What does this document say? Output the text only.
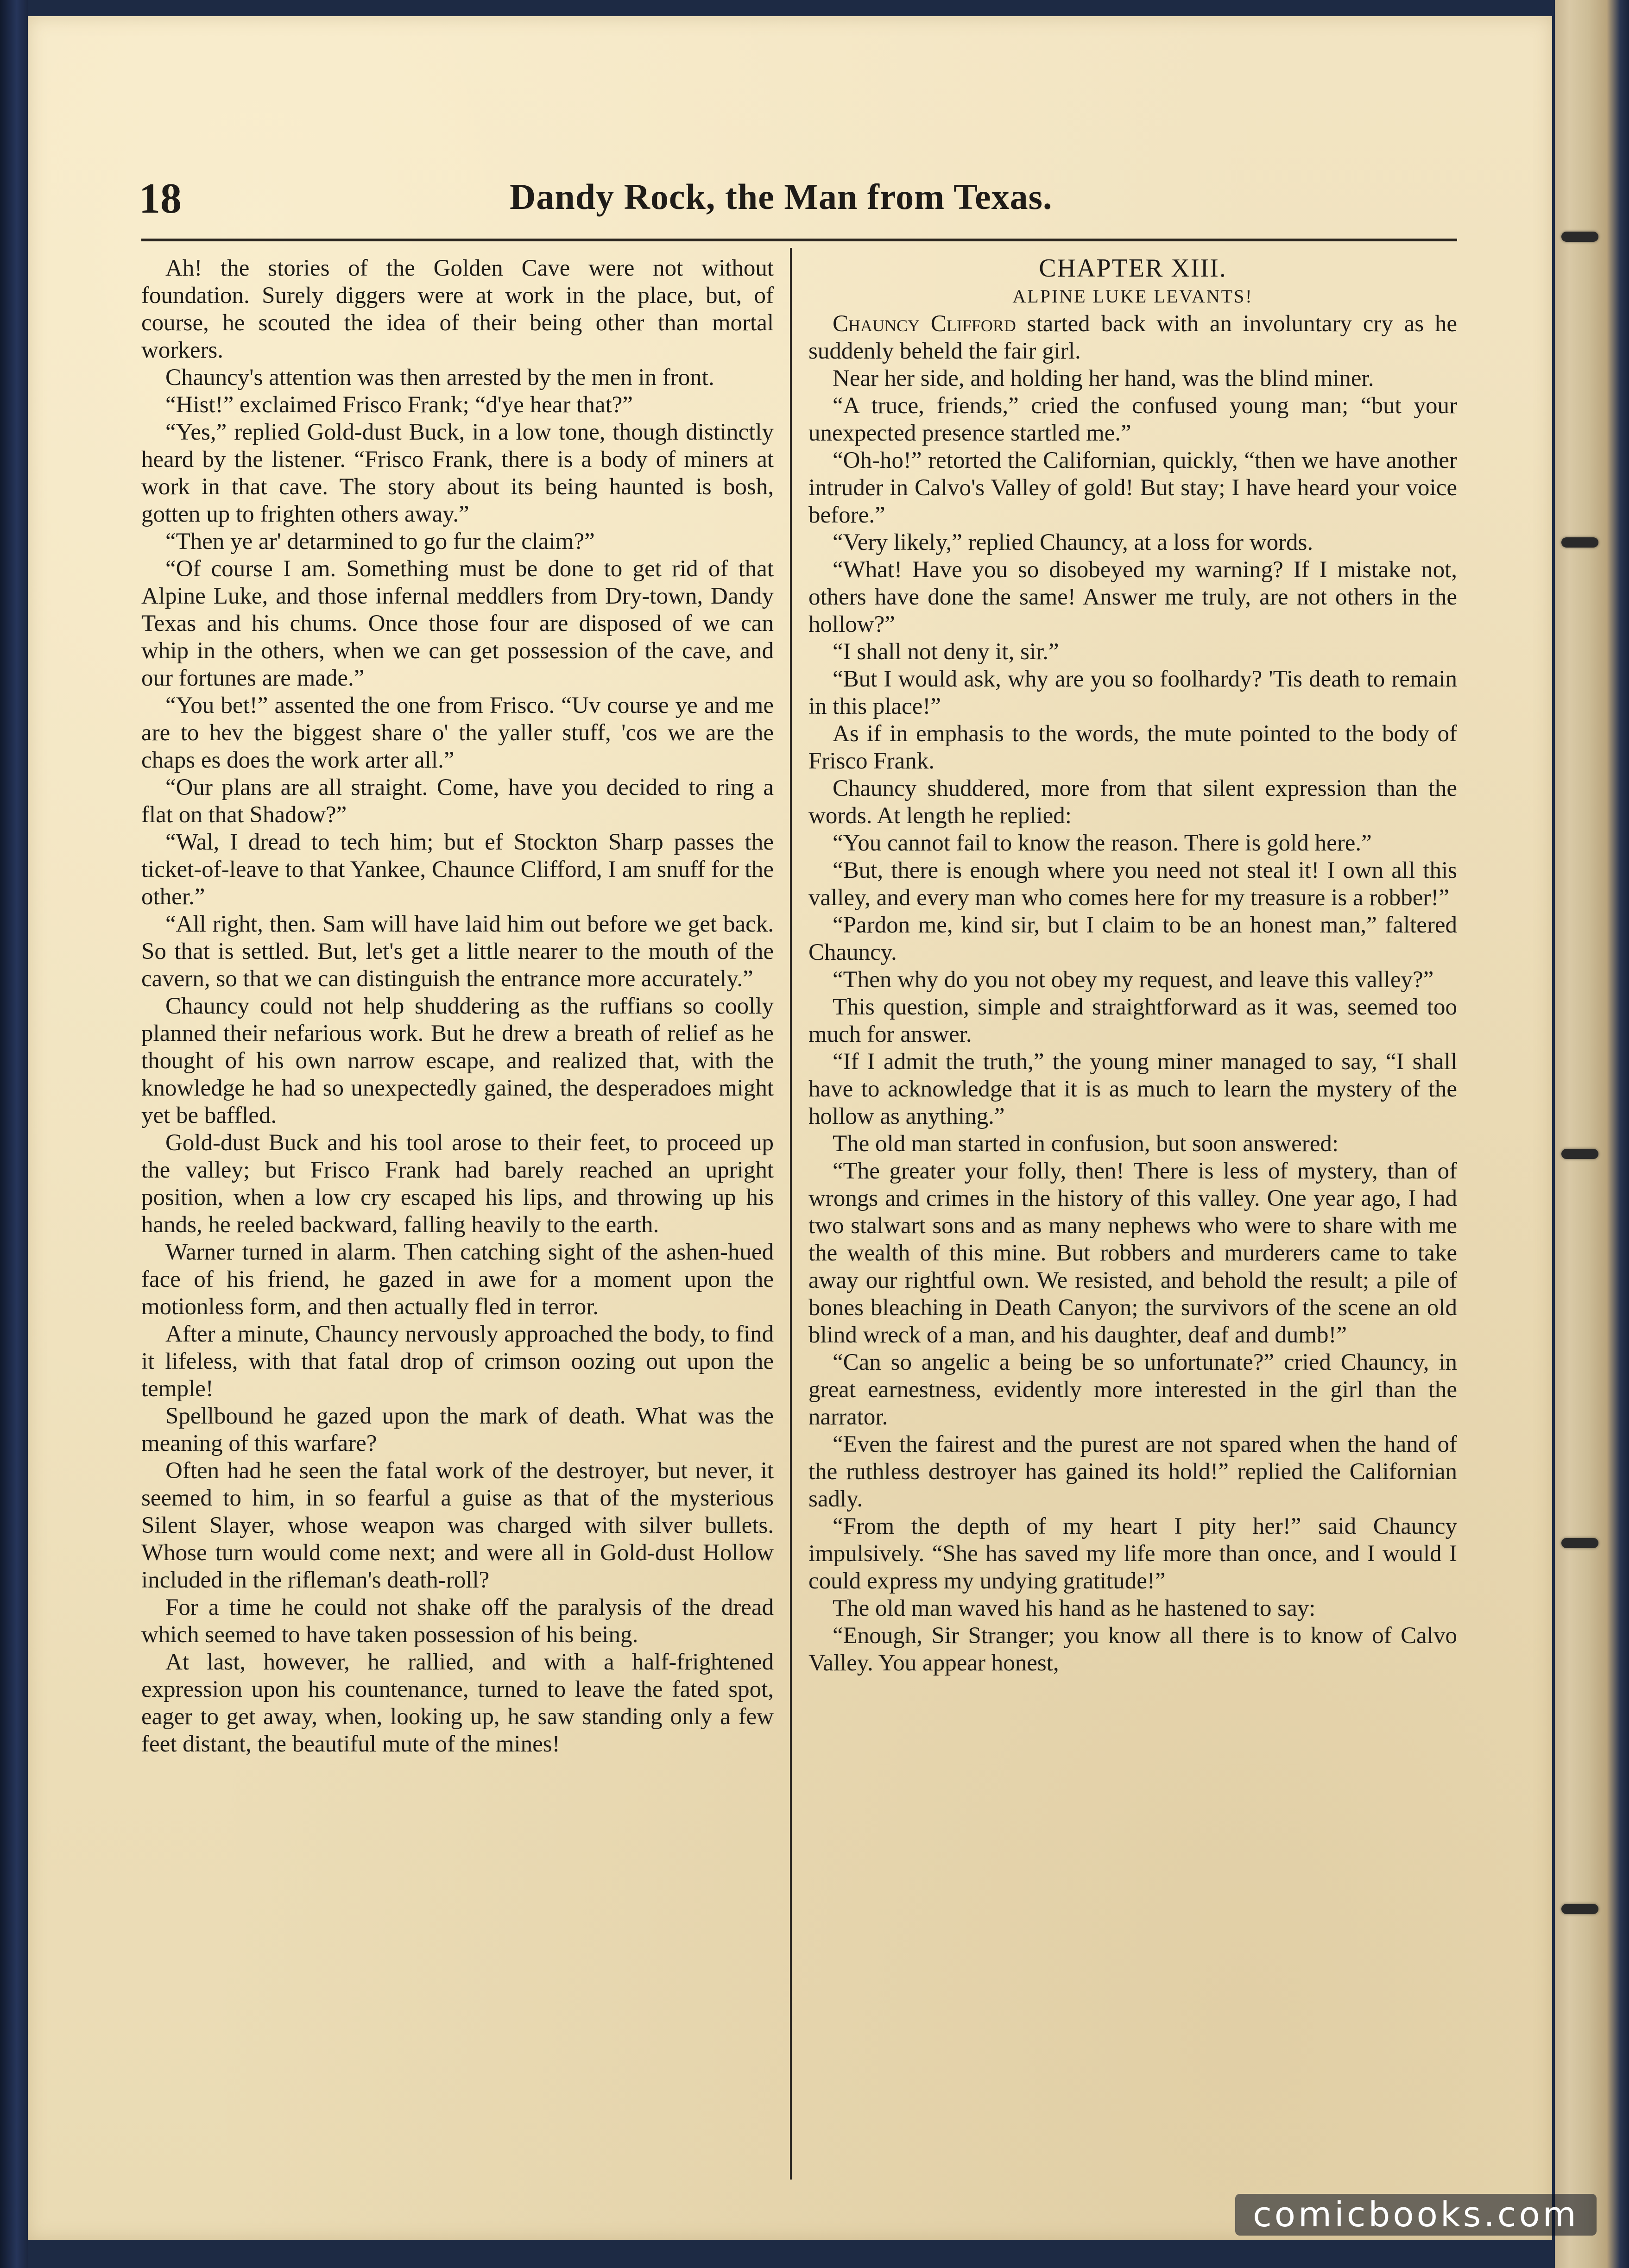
18	Dandy Rock, the Man from Texas.

Ah! the stories of the Golden Cave were not without foundation. Surely diggers were at work in the place, but, of course, he scouted the idea of their being other than mortal workers.

Chauncy's attention was then arrested by the men in front.

“Hist!” exclaimed Frisco Frank; “d'ye hear that?”

“Yes,” replied Gold-dust Buck, in a low tone, though distinctly heard by the listener. “Frisco Frank, there is a body of miners at work in that cave. The story about its being haunted is bosh, gotten up to frighten others away.”

“Then ye ar' detarmined to go fur the claim?”

“Of course I am. Something must be done to get rid of that Alpine Luke, and those infernal meddlers from Dry-town, Dandy Texas and his chums. Once those four are disposed of we can whip in the others, when we can get possession of the cave, and our fortunes are made.”

“You bet!” assented the one from Frisco. “Uv course ye and me are to hev the biggest share o' the yaller stuff, 'cos we are the chaps es does the work arter all.”

“Our plans are all straight. Come, have you decided to ring a flat on that Shadow?”

“Wal, I dread to tech him; but ef Stockton Sharp passes the ticket-of-leave to that Yankee, Chaunce Clifford, I am snuff for the other.”

“All right, then. Sam will have laid him out before we get back. So that is settled. But, let's get a little nearer to the mouth of the cavern, so that we can distinguish the entrance more accurately.”

Chauncy could not help shuddering as the ruffians so coolly planned their nefarious work. But he drew a breath of relief as he thought of his own narrow escape, and realized that, with the knowledge he had so unexpectedly gained, the desperadoes might yet be baffled.

Gold-dust Buck and his tool arose to their feet, to proceed up the valley; but Frisco Frank had barely reached an upright position, when a low cry escaped his lips, and throwing up his hands, he reeled backward, falling heavily to the earth.

Warner turned in alarm. Then catching sight of the ashen-hued face of his friend, he gazed in awe for a moment upon the motionless form, and then actually fled in terror.

After a minute, Chauncy nervously approached the body, to find it lifeless, with that fatal drop of crimson oozing out upon the temple!

Spellbound he gazed upon the mark of death. What was the meaning of this warfare?

Often had he seen the fatal work of the destroyer, but never, it seemed to him, in so fearful a guise as that of the mysterious Silent Slayer, whose weapon was charged with silver bullets. Whose turn would come next; and were all in Gold-dust Hollow included in the rifleman's death-roll?

For a time he could not shake off the paralysis of the dread which seemed to have taken possession of his being.

At last, however, he rallied, and with a half-frightened expression upon his countenance, turned to leave the fated spot, eager to get away, when, looking up, he saw standing only a few feet distant, the beautiful mute of the mines!

CHAPTER XIII.
ALPINE LUKE LEVANTS!

Chauncy Clifford started back with an involuntary cry as he suddenly beheld the fair girl.

Near her side, and holding her hand, was the blind miner.

“A truce, friends,” cried the confused young man; “but your unexpected presence startled me.”

“Oh-ho!” retorted the Californian, quickly, “then we have another intruder in Calvo's Valley of gold! But stay; I have heard your voice before.”

“Very likely,” replied Chauncy, at a loss for words.

“What! Have you so disobeyed my warning? If I mistake not, others have done the same! Answer me truly, are not others in the hollow?”

“I shall not deny it, sir.”

“But I would ask, why are you so foolhardy? 'Tis death to remain in this place!”

As if in emphasis to the words, the mute pointed to the body of Frisco Frank.

Chauncy shuddered, more from that silent expression than the words. At length he replied:

“You cannot fail to know the reason. There is gold here.”

“But, there is enough where you need not steal it! I own all this valley, and every man who comes here for my treasure is a robber!”

“Pardon me, kind sir, but I claim to be an honest man,” faltered Chauncy.

“Then why do you not obey my request, and leave this valley?”

This question, simple and straightforward as it was, seemed too much for answer.

“If I admit the truth,” the young miner managed to say, “I shall have to acknowledge that it is as much to learn the mystery of the hollow as anything.”

The old man started in confusion, but soon answered:

“The greater your folly, then! There is less of mystery, than of wrongs and crimes in the history of this valley. One year ago, I had two stalwart sons and as many nephews who were to share with me the wealth of this mine. But robbers and murderers came to take away our rightful own. We resisted, and behold the result; a pile of bones bleaching in Death Canyon; the survivors of the scene an old blind wreck of a man, and his daughter, deaf and dumb!”

“Can so angelic a being be so unfortunate?” cried Chauncy, in great earnestness, evidently more interested in the girl than the narrator.

“Even the fairest and the purest are not spared when the hand of the ruthless destroyer has gained its hold!” replied the Californian sadly.

“From the depth of my heart I pity her!” said Chauncy impulsively. “She has saved my life more than once, and I would I could express my undying gratitude!”

The old man waved his hand as he hastened to say:

“Enough, Sir Stranger; you know all there is to know of Calvo Valley. You appear honest,

comicbooks.com
